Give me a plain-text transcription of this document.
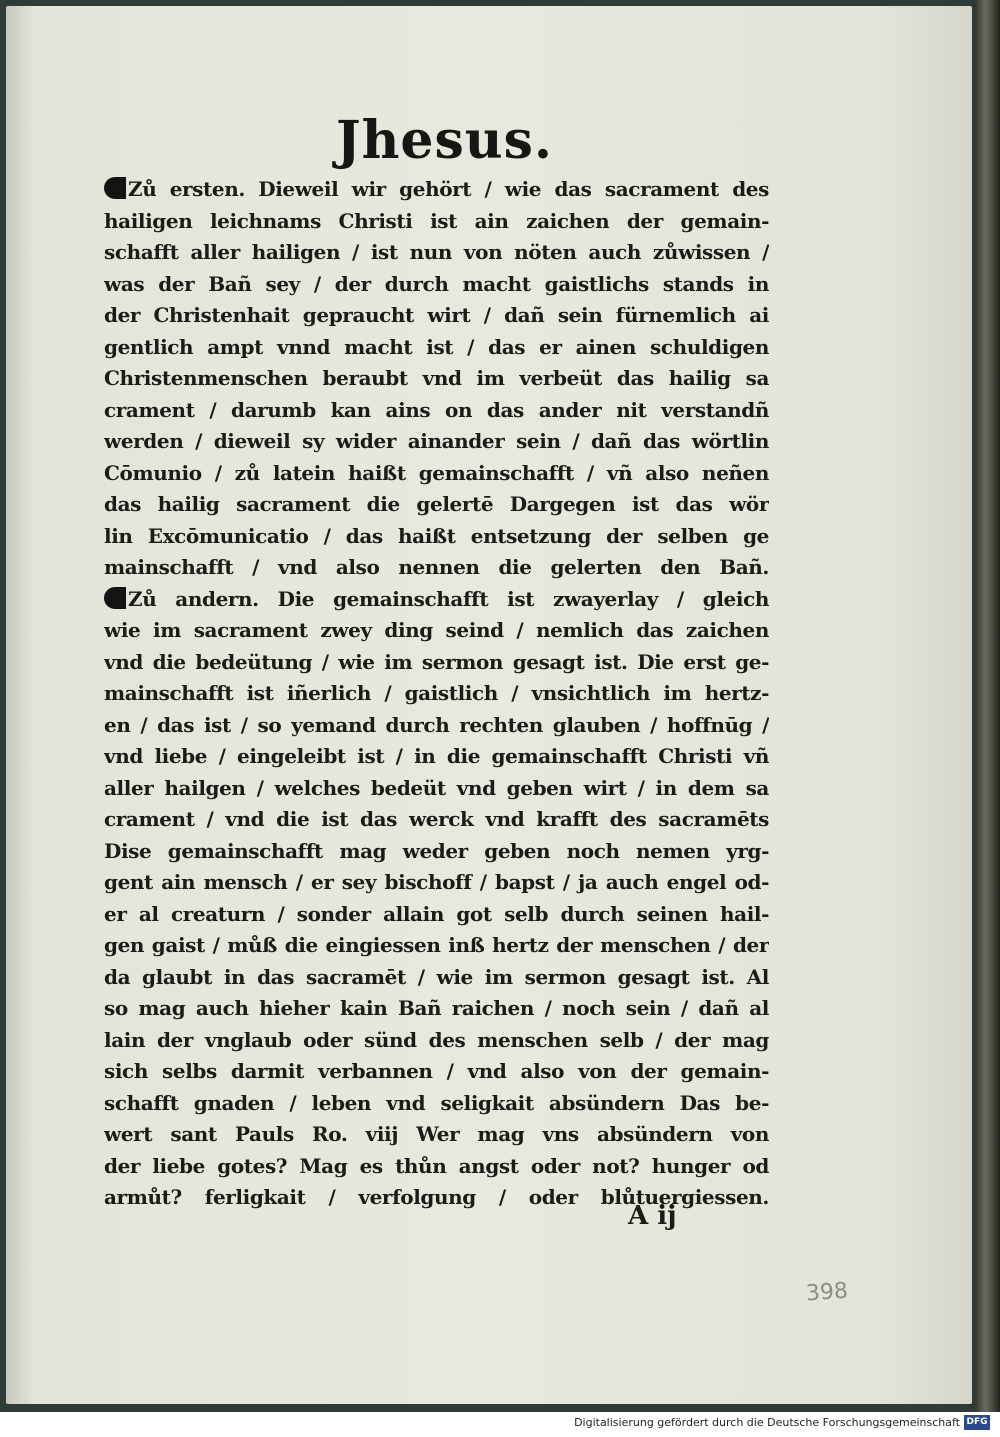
Jhesus.
Zů ersten. Dieweil wir gehört / wie das sacrament des
hailigen leichnams Christi ist ain zaichen der gemain-
schafft aller hailigen / ist nun von nöten auch zůwissen /
was der Bañ sey / der durch macht gaistlichs stands in
der Christenhait gepraucht wirt / dañ sein fürnemlich ai
gentlich ampt vnnd macht ist / das er ainen schuldigen
Christenmenschen beraubt vnd im verbeüt das hailig sa
crament / darumb kan ains on das ander nit verstandñ
werden / dieweil sy wider ainander sein / dañ das wörtlin
Cōmunio / zů latein haißt gemainschafft / vñ also neñen
das hailig sacrament die gelertē Dargegen ist das wör
lin Excōmunicatio / das haißt entsetzung der selben ge
mainschafft / vnd also nennen die gelerten den Bañ.
Zů andern. Die gemainschafft ist zwayerlay / gleich
wie im sacrament zwey ding seind / nemlich das zaichen
vnd die bedeütung / wie im sermon gesagt ist. Die erst ge-
mainschafft ist iñerlich / gaistlich / vnsichtlich im hertz-
en / das ist / so yemand durch rechten glauben / hoffnūg /
vnd liebe / eingeleibt ist / in die gemainschafft Christi vñ
aller hailgen / welches bedeüt vnd geben wirt / in dem sa
crament / vnd die ist das werck vnd krafft des sacramēts
Dise gemainschafft mag weder geben noch nemen yrg-
gent ain mensch / er sey bischoff / bapst / ja auch engel od-
er al creaturn / sonder allain got selb durch seinen hail-
gen gaist / můß die eingiessen inß hertz der menschen / der
da glaubt in das sacramēt / wie im sermon gesagt ist. Al
so mag auch hieher kain Bañ raichen / noch sein / dañ al
lain der vnglaub oder sünd des menschen selb / der mag
sich selbs darmit verbannen / vnd also von der gemain-
schafft gnaden / leben vnd seligkait absündern Das be-
wert sant Pauls Ro. viij Wer mag vns absündern von
der liebe gotes? Mag es thůn angst oder not? hunger od
armůt? ferligkait / verfolgung / oder blůtuergiessen.
A ij
398
Digitalisierung gefördert durch die Deutsche Forschungsgemeinschaft DFG
